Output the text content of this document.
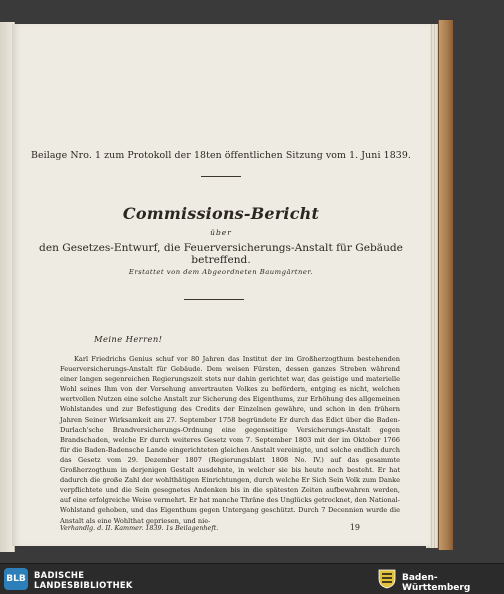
Beilage Nro. 1 zum Protokoll der 18ten öffentlichen Sitzung vom 1. Juni 1839.
Commissions-Bericht
über
den Gesetzes-Entwurf, die Feuerversicherungs-Anstalt für Gebäude betreffend.
Erstattet von dem Abgeordneten Baumgärtner.
Meine Herren!

Karl Friedrichs Genius schuf vor 80 Jahren das Institut der im Großherzogthum bestehenden Feuerversicherungs-Anstalt für Gebäude. Dem weisen Fürsten, dessen ganzes Streben während einer langen segenreichen Regierungszeit stets nur dahin gerichtet war, das geistige und materielle Wohl seines Ihm von der Vorsehung anvertrauten Volkes zu befördern, entging es nicht, welchen wertvollen Nutzen eine solche Anstalt zur Sicherung des Eigenthums, zur Erhöhung des allgemeinen Wohlstandes und zur Befestigung des Credits der Einzelnen gewähre, und schon in den frühern Jahren Seiner Wirksamkeit am 27. September 1758 begründete Er durch das Edict über die Baden-Durlach'sche Brandversicherungs-Ordnung eine gegenseitige Versicherungs-Anstalt gegen Brandschaden, welche Er durch weiteres Gesetz vom 7. September 1803 mit der im Oktober 1766 für die Baden-Badensche Lande eingerichteten gleichen Anstalt vereinigte, und solche endlich durch das Gesetz vom 29. Dezember 1807 (Regierungsblatt 1808 No. IV.) auf das gesammte Großherzogthum in derjenigen Gestalt ausdehnte, in welcher sie bis heute noch besteht. Er hat dadurch die große Zahl der wohlthätigen Einrichtungen, durch welche Er Sich Sein Volk zum Danke verpflichtete und die Sein gesegnetes Andenken bis in die spätesten Zeiten aufbewahren werden, auf eine erfolgreiche Weise vermehrt. Er hat manche Thräne des Unglücks getrocknet, den National-Wohlstand gehoben, und das Eigenthum gegen Untergang geschützt. Durch 7 Decennien wurde die Anstalt als eine Wohlthat gepriesen, und nie-

Verhandlg. d. II. Kammer. 1839. 1s Beilagenheft.	19
BLB BADISCHE
LANDESBIBLIOTHEK
Baden-Württemberg
